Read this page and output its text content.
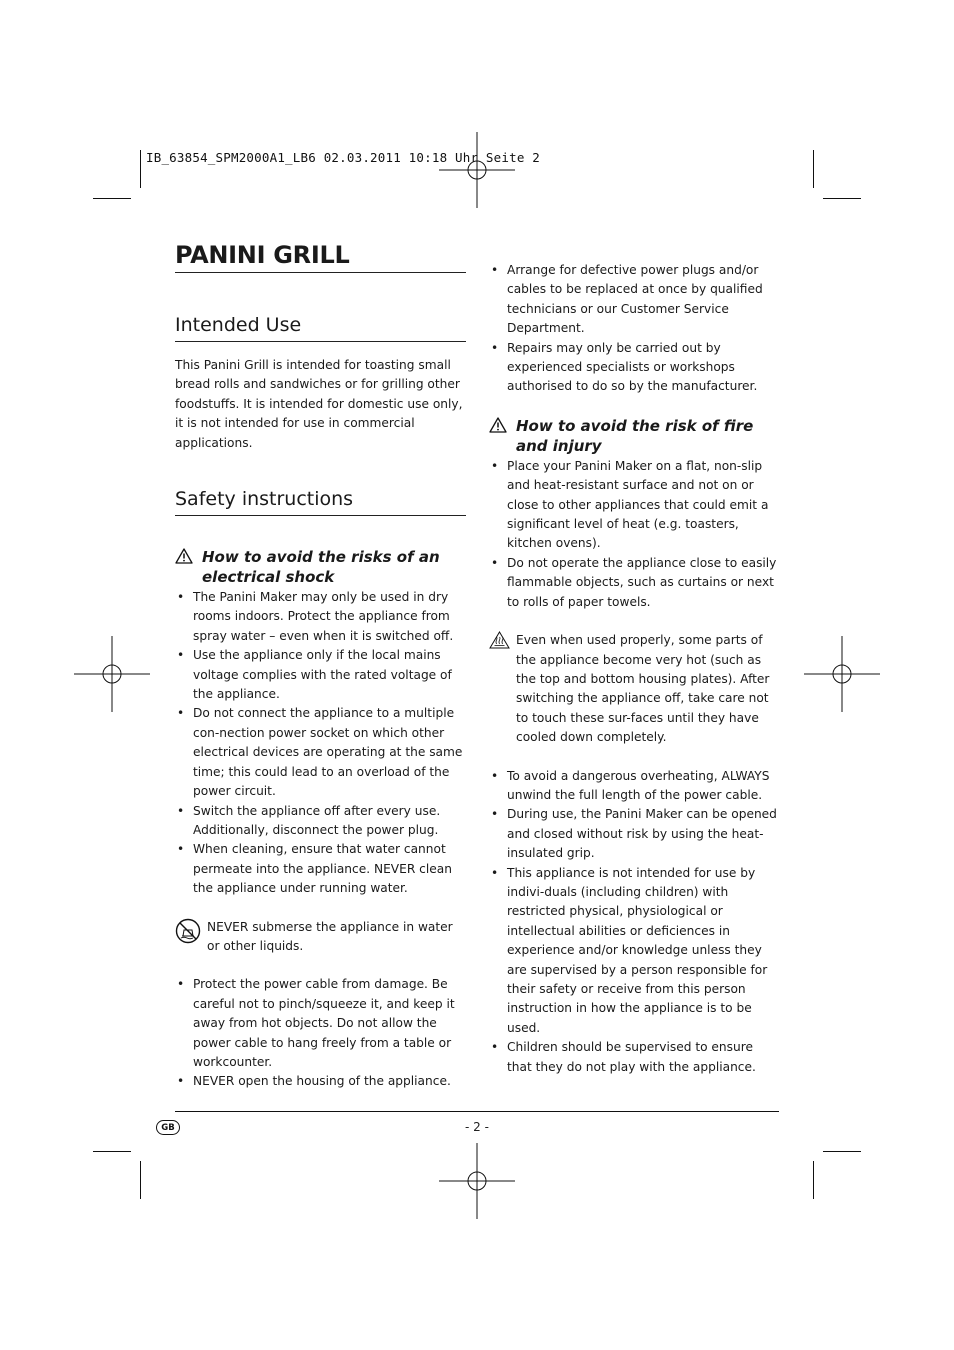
IB_63854_SPM2000A1_LB6 02.03.2011 10:18 Uhr Seite 2
PANINI GRILL
Intended Use

This Panini Grill is intended for toasting small bread rolls and sandwiches or for grilling other foodstuffs. It is intended for domestic use only, it is not intended for use in commercial applications.

Safety instructions
How to avoid the risks of an electrical shock
• The Panini Maker may only be used in dry rooms indoors. Protect the appliance from spray water – even when it is switched off.
• Use the appliance only if the local mains voltage complies with the rated voltage of the appliance.
• Do not connect the appliance to a multiple con-nection power socket on which other electrical devices are operating at the same time; this could lead to an overload of the power circuit.
• Switch the appliance off after every use. Additionally, disconnect the power plug.
• When cleaning, ensure that water cannot permeate into the appliance. NEVER clean the appliance under running water.
NEVER submerse the appliance in water or other liquids.
• Protect the power cable from damage. Be careful not to pinch/squeeze it, and keep it away from hot objects. Do not allow the power cable to hang freely from a table or workcounter.
• NEVER open the housing of the appliance.
• Arrange for defective power plugs and/or cables to be replaced at once by qualified technicians or our Customer Service Department.
• Repairs may only be carried out by experienced specialists or workshops authorised to do so by the manufacturer.
How to avoid the risk of fire and injury
• Place your Panini Maker on a flat, non-slip and heat-resistant surface and not on or close to other appliances that could emit a significant level of heat (e.g. toasters, kitchen ovens).
• Do not operate the appliance close to easily flammable objects, such as curtains or next to rolls of paper towels.
Even when used properly, some parts of the appliance become very hot (such as the top and bottom housing plates). After switching the appliance off, take care not to touch these sur-faces until they have cooled down completely.
• To avoid a dangerous overheating, ALWAYS unwind the full length of the power cable.
• During use, the Panini Maker can be opened and closed without risk by using the heat-insulated grip.
• This appliance is not intended for use by indivi-duals (including children) with restricted physical, physiological or intellectual abilities or deficiences in experience and/or knowledge unless they are supervised by a person responsible for their safety or receive from this person instruction in how the appliance is to be used.
• Children should be supervised to ensure that they do not play with the appliance.
GB	- 2 -
